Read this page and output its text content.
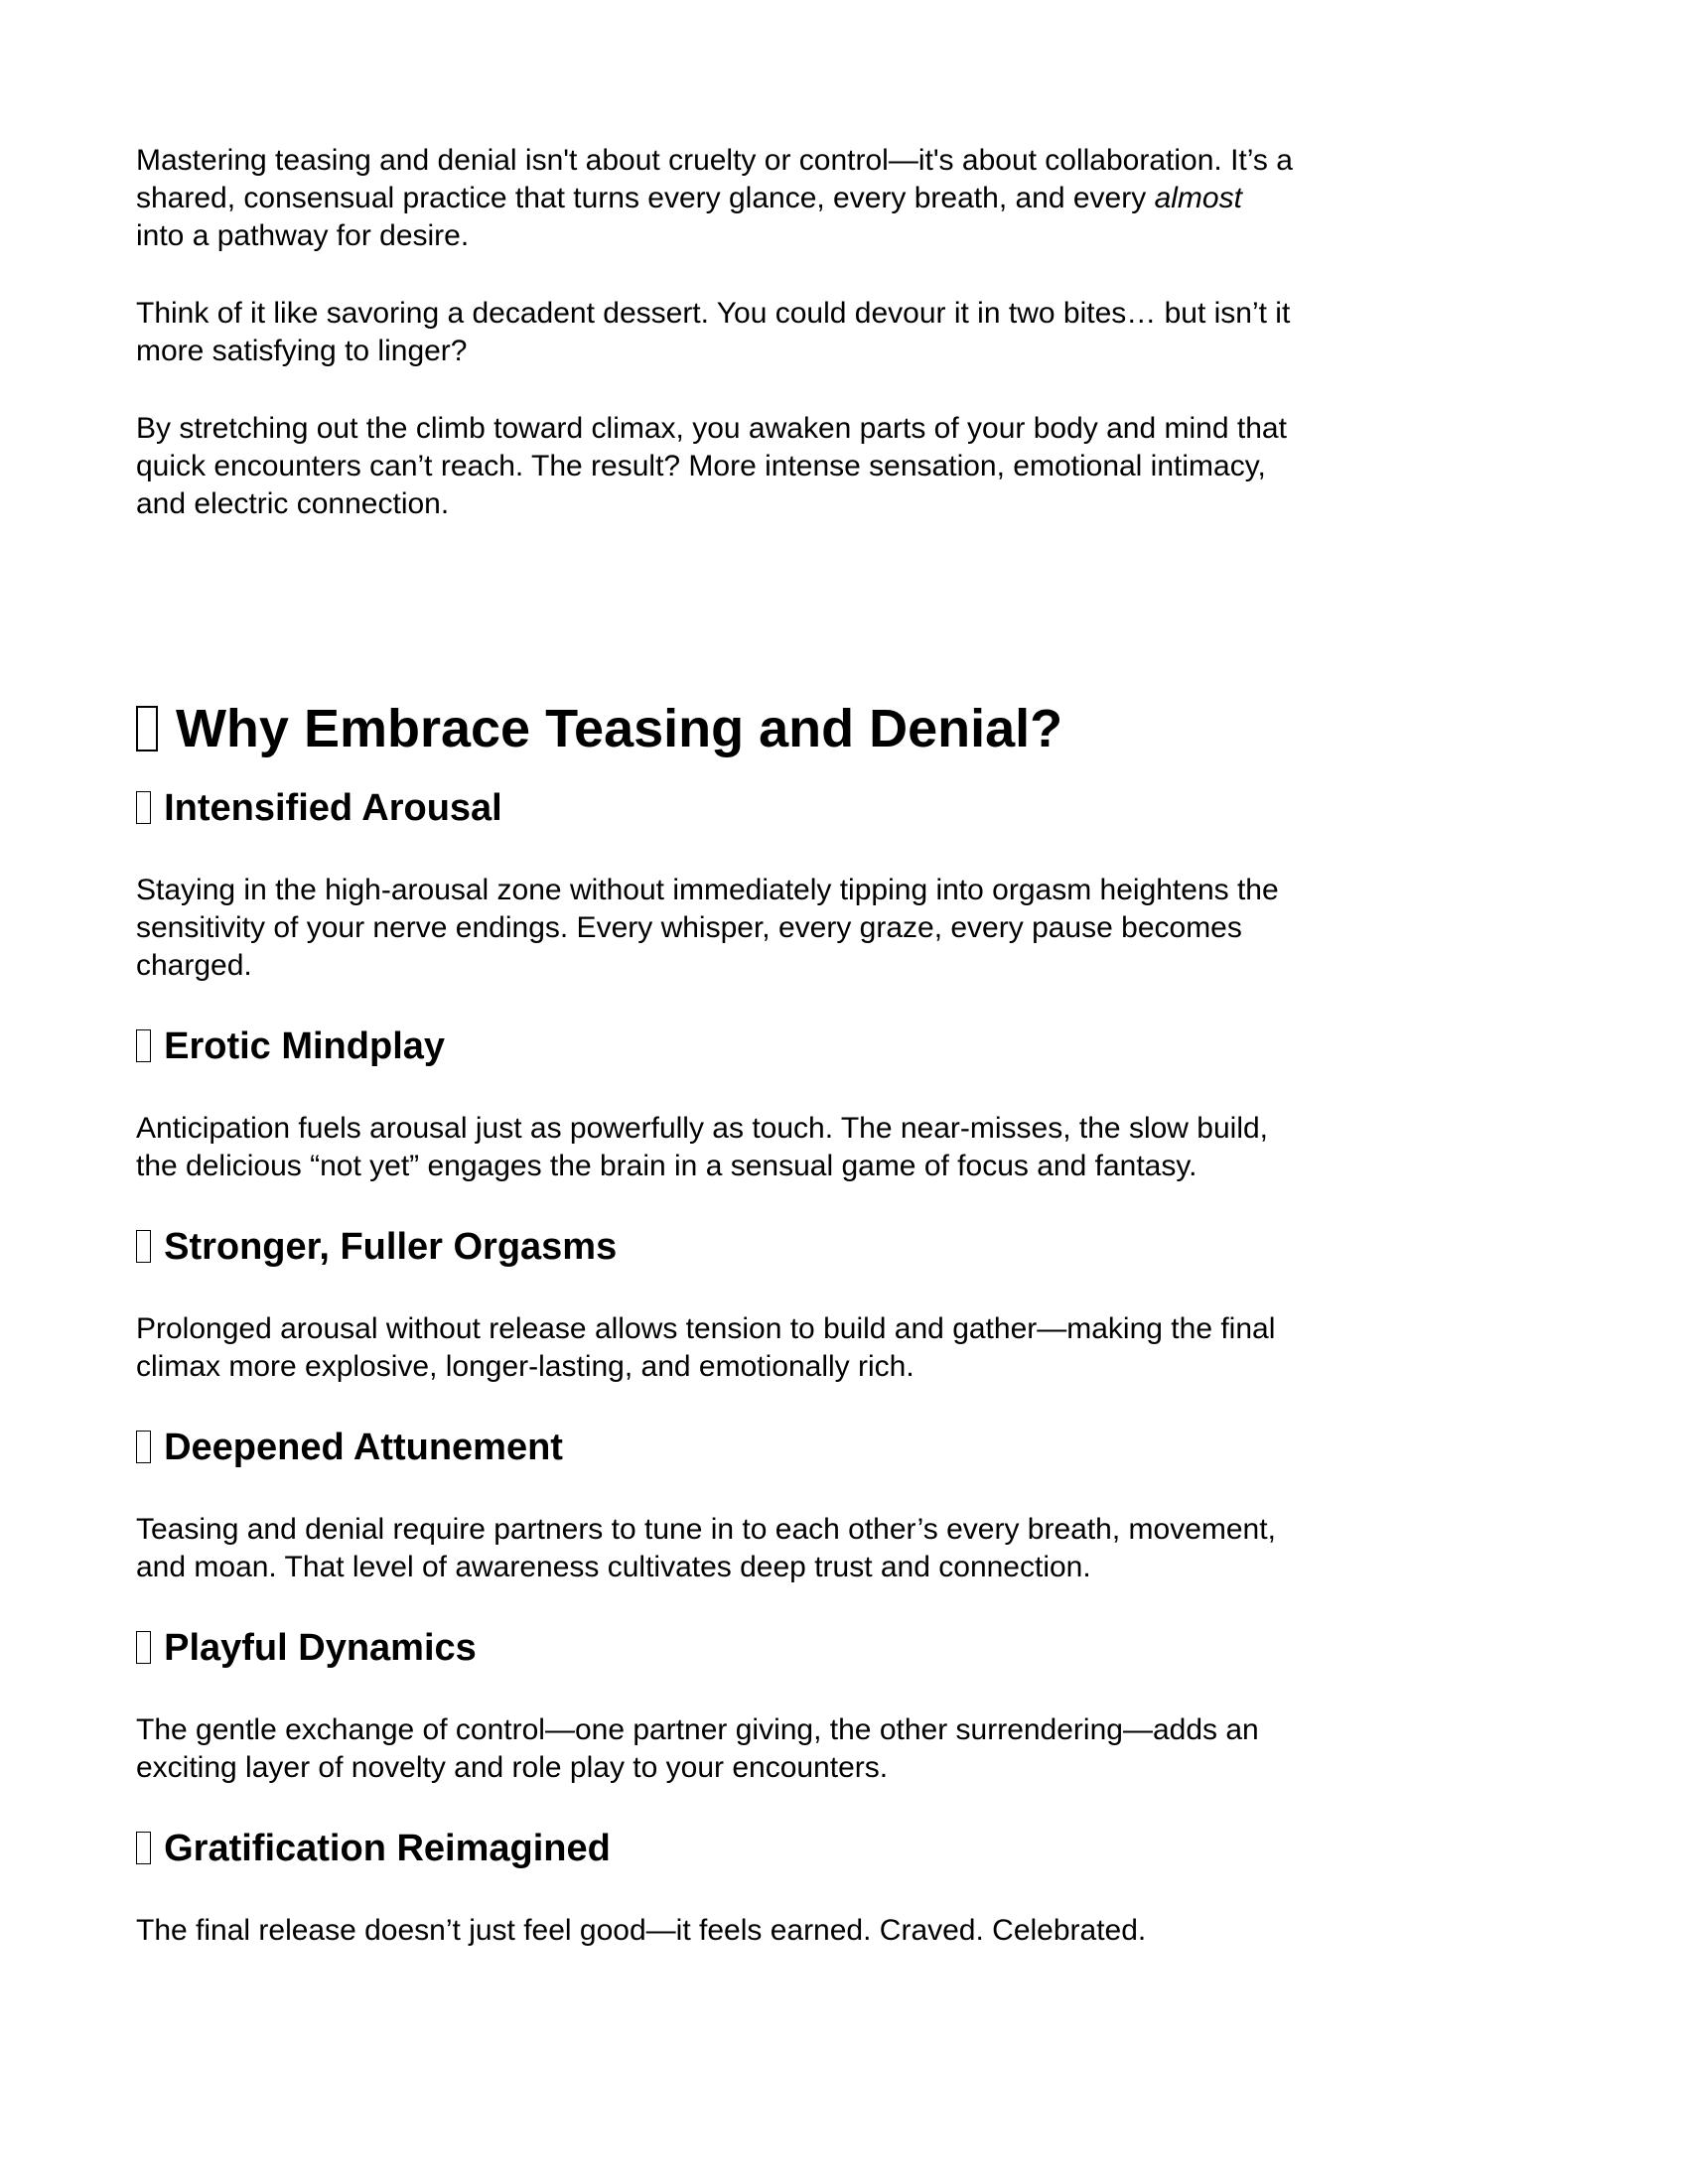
Mastering teasing and denial isn't about cruelty or control—it's about collaboration. It’s a
shared, consensual practice that turns every glance, every breath, and every almost
into a pathway for desire.
Think of it like savoring a decadent dessert. You could devour it in two bites… but isn’t it
more satisfying to linger?
By stretching out the climb toward climax, you awaken parts of your body and mind that
quick encounters can’t reach. The result? More intense sensation, emotional intimacy,
and electric connection.
Why Embrace Teasing and Denial?
Intensified Arousal
Staying in the high-arousal zone without immediately tipping into orgasm heightens the
sensitivity of your nerve endings. Every whisper, every graze, every pause becomes
charged.
Erotic Mindplay
Anticipation fuels arousal just as powerfully as touch. The near-misses, the slow build,
the delicious “not yet” engages the brain in a sensual game of focus and fantasy.
Stronger, Fuller Orgasms
Prolonged arousal without release allows tension to build and gather—making the final
climax more explosive, longer-lasting, and emotionally rich.
Deepened Attunement
Teasing and denial require partners to tune in to each other’s every breath, movement,
and moan. That level of awareness cultivates deep trust and connection.
Playful Dynamics
The gentle exchange of control—one partner giving, the other surrendering—adds an
exciting layer of novelty and role play to your encounters.
Gratification Reimagined
The final release doesn’t just feel good—it feels earned. Craved. Celebrated.
